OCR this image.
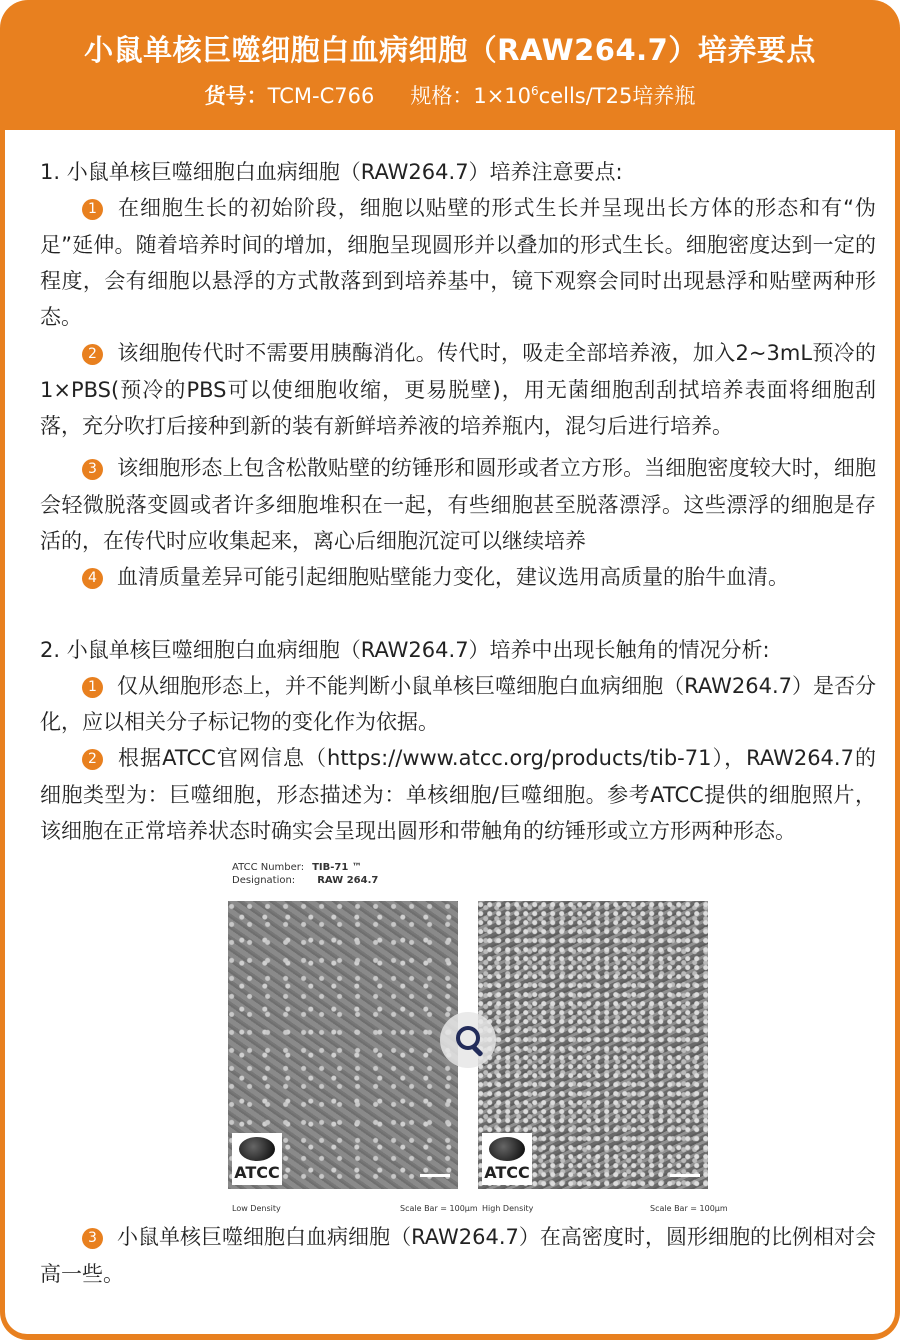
小鼠单核巨噬细胞白血病细胞（RAW264.7）培养要点
货号：TCM-C766 规格：$1\times 10^6cells/T25$培养瓶

1. 小鼠单核巨噬细胞白血病细胞（RAW264.7）培养注意要点:

1 在细胞生长的初始阶段，细胞以贴壁的形式生长并呈现出长方体的形态和有“伪足”延伸。随着培养时间的增加，细胞呈现圆形并以叠加的形式生长。细胞密度达到一定的程度，会有细胞以悬浮的方式散落到到培养基中，镜下观察会同时出现悬浮和贴壁两种形态。

2 该细胞传代时不需要用胰酶消化。传代时，吸走全部培养液，加入2~3mL预冷的1×PBS(预冷的PBS可以使细胞收缩，更易脱壁)，用无菌细胞刮刮拭培养表面将细胞刮落，充分吹打后接种到新的装有新鲜培养液的培养瓶内，混匀后进行培养。

3 该细胞形态上包含松散贴壁的纺锤形和圆形或者立方形。当细胞密度较大时，细胞会轻微脱落变圆或者许多细胞堆积在一起，有些细胞甚至脱落漂浮。这些漂浮的细胞是存活的，在传代时应收集起来，离心后细胞沉淀可以继续培养

4 血清质量差异可能引起细胞贴壁能力变化，建议选用高质量的胎牛血清。

2. 小鼠单核巨噬细胞白血病细胞（RAW264.7）培养中出现长触角的情况分析:

1 仅从细胞形态上，并不能判断小鼠单核巨噬细胞白血病细胞（RAW264.7）是否分化，应以相关分子标记物的变化作为依据。

2 根据ATCC官网信息（https://www.atcc.org/products/tib-71），RAW264.7的细胞类型为：巨噬细胞，形态描述为：单核细胞/巨噬细胞。参考ATCC提供的细胞照片，该细胞在正常培养状态时确实会呈现出圆形和带触角的纺锤形或立方形两种形态。

ATCC Number: TIB-71 ™
Designation: RAW 264.7
ATCC	ATCC
Low Density	Scale Bar = 100µm High Density	Scale Bar = 100µm

3 小鼠单核巨噬细胞白血病细胞（RAW264.7）在高密度时，圆形细胞的比例相对会高一些。
